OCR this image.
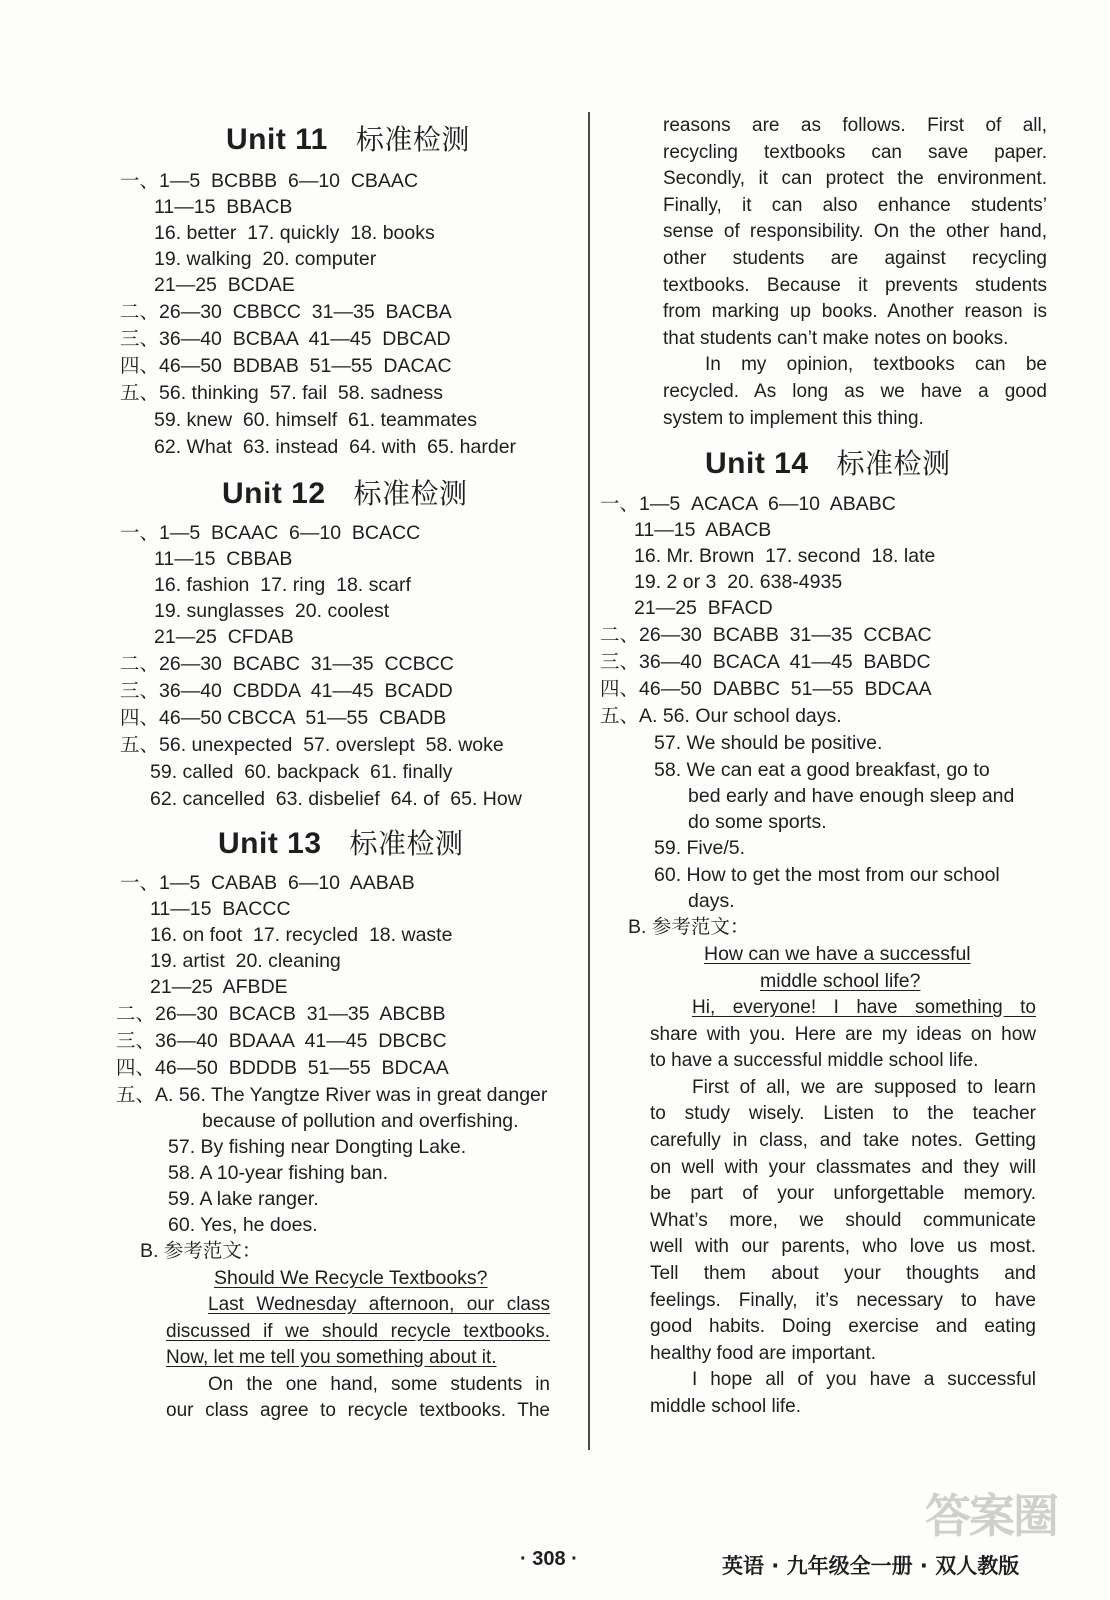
Unit 11 标准检测
一、1—5  BCBBB  6—10  CBAAC
11—15  BBACB
16. better  17. quickly  18. books
19. walking  20. computer
21—25  BCDAE
二、26—30  CBBCC  31—35  BACBA
三、36—40  BCBAA  41—45  DBCAD
四、46—50  BDBAB  51—55  DACAC
五、56. thinking  57. fail  58. sadness
59. knew  60. himself  61. teammates
62. What  63. instead  64. with  65. harder
Unit 12 标准检测
一、1—5  BCAAC  6—10  BCACC
11—15  CBBAB
16. fashion  17. ring  18. scarf
19. sunglasses  20. coolest
21—25  CFDAB
二、26—30  BCABC  31—35  CCBCC
三、36—40  CBDDA  41—45  BCADD
四、46—50 CBCCA  51—55  CBADB
五、56. unexpected  57. overslept  58. woke
59. called  60. backpack  61. finally
62. cancelled  63. disbelief  64. of  65. How
Unit 13 标准检测
一、1—5  CABAB  6—10  AABAB
11—15  BACCC
16. on foot  17. recycled  18. waste
19. artist  20. cleaning
21—25  AFBDE
二、26—30  BCACB  31—35  ABCBB
三、36—40  BDAAA  41—45  DBCBC
四、46—50  BDDDB  51—55  BDCAA
五、A. 56. The Yangtze River was in great danger
because of pollution and overfishing.
57. By fishing near Dongting Lake.
58. A 10-year fishing ban.
59. A lake ranger.
60. Yes, he does.
B. 参考范文：
Should We Recycle Textbooks?
Last Wednesday afternoon, our class
discussed if we should recycle textbooks.
Now, let me tell you something about it.
On the one hand, some students in
our class agree to recycle textbooks. The
reasons are as follows. First of all,
recycling textbooks can save paper.
Secondly, it can protect the environment.
Finally, it can also enhance students’
sense of responsibility. On the other hand,
other students are against recycling
textbooks. Because it prevents students
from marking up books. Another reason is
that students can’t make notes on books.
In my opinion, textbooks can be
recycled. As long as we have a good
system to implement this thing.
Unit 14 标准检测
一、1—5  ACACA  6—10  ABABC
11—15  ABACB
16. Mr. Brown  17. second  18. late
19. 2 or 3  20. 638-4935
21—25  BFACD
二、26—30  BCABB  31—35  CCBAC
三、36—40  BCACA  41—45  BABDC
四、46—50  DABBC  51—55  BDCAA
五、A. 56. Our school days.
57. We should be positive.
58. We can eat a good breakfast, go to
bed early and have enough sleep and
do some sports.
59. Five/5.
60. How to get the most from our school
days.
B. 参考范文：
How can we have a successful
middle school life?
Hi, everyone! I have something to
share with you. Here are my ideas on how
to have a successful middle school life.
First of all, we are supposed to learn
to study wisely. Listen to the teacher
carefully in class, and take notes. Getting
on well with your classmates and they will
be part of your unforgettable memory.
What’s more, we should communicate
well with our parents, who love us most.
Tell them about your thoughts and
feelings. Finally, it’s necessary to have
good habits. Doing exercise and eating
healthy food are important.
I hope all of you have a successful
middle school life.
· 308 ·	英语 · 九年级全一册 · 双人教版
答案圈
